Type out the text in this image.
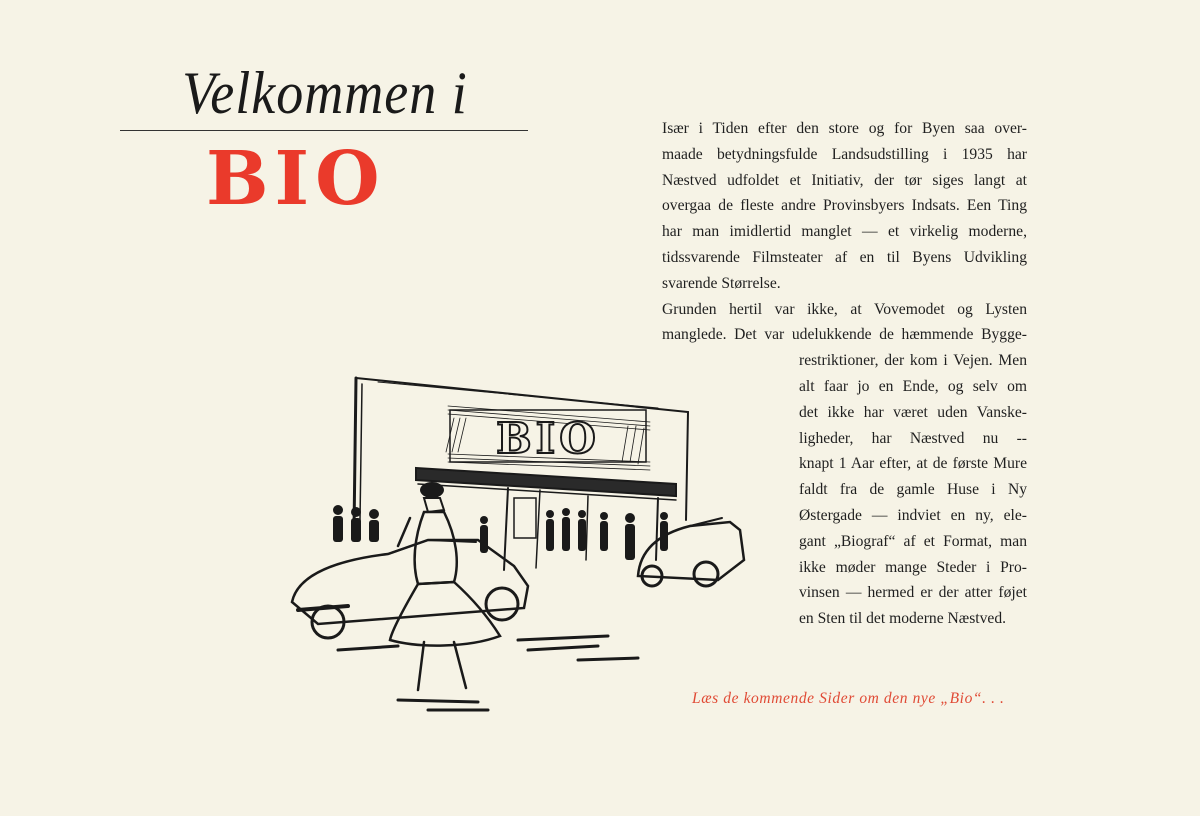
Velkommen i
BIO

Især i Tiden efter den store og for Byen saa over-

maade betydningsfulde Landsudstilling i 1935 har

Næstved udfoldet et Initiativ, der tør siges langt at

overgaa de fleste andre Provinsbyers Indsats. Een Ting

har man imidlertid manglet — et virkelig moderne,

tidssvarende Filmsteater af en til Byens Udvikling

svarende Størrelse.

Grunden hertil var ikke, at Vovemodet og Lysten

manglede. Det var udelukkende de hæmmende Bygge-

restriktioner, der kom i Vejen. Men

alt faar jo en Ende, og selv om

det ikke har været uden Vanske-

ligheder, har Næstved nu --

knapt 1 Aar efter, at de første Mure

faldt fra de gamle Huse i Ny

Østergade — indviet en ny, ele-

gant „Biograf“ af et Format, man

ikke møder mange Steder i Pro-

vinsen — hermed er der atter føjet

en Sten til det moderne Næstved.

BIO
Læs de kommende Sider om den nye „Bio“. . .
